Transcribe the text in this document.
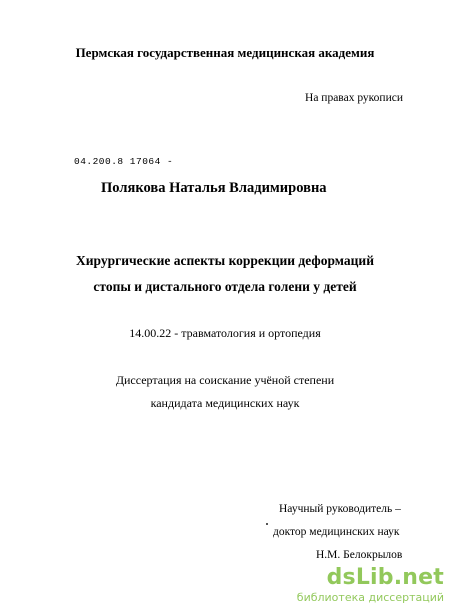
Пермская государственная медицинская академия
На правах рукописи
04.200.8 17064 -
Полякова Наталья Владимировна
Хирургические аспекты коррекции деформаций
стопы и дистального отдела голени у детей
14.00.22 - травматология и ортопедия
Диссертация на соискание учёной степени
кандидата медицинских наук
Научный руководитель –
доктор медицинских наук
Н.М. Белокрылов
dsLib.net
библиотека диссертаций
